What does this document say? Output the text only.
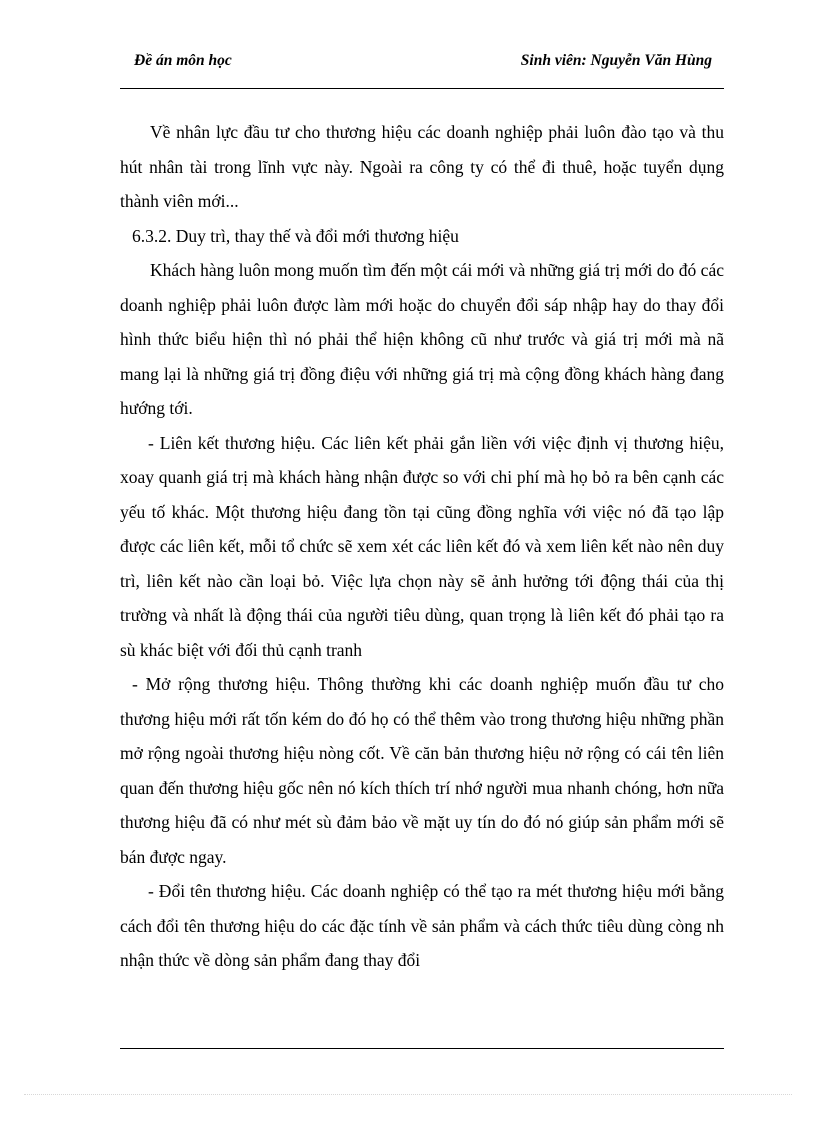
Đề án môn học	Sinh viên: Nguyễn Văn Hùng

Về nhân lực đầu tư cho thương hiệu các doanh nghiệp phải luôn đào tạo và thu hút nhân tài trong lĩnh vực này. Ngoài ra công ty có thể đi thuê, hoặc tuyển dụng thành viên mới...

6.3.2. Duy trì, thay thế và đổi mới thương hiệu

Khách hàng luôn mong muốn tìm đến một cái mới và những giá trị mới do đó các doanh nghiệp phải luôn được làm mới hoặc do chuyển đổi sáp nhập hay do thay đổi hình thức biểu hiện thì nó phải thể hiện không cũ như trước và giá trị mới mà nã mang lại là những giá trị đồng điệu với những giá trị mà cộng đồng khách hàng đang hướng tới.

- Liên kết thương hiệu. Các liên kết phải gắn liền với việc định vị thương hiệu, xoay quanh giá trị mà khách hàng nhận được so với chi phí mà họ bỏ ra bên cạnh các yếu tố khác. Một thương hiệu đang tồn tại cũng đồng nghĩa với việc nó đã tạo lập được các liên kết, mỗi tổ chức sẽ xem xét các liên kết đó và xem liên kết nào nên duy trì, liên kết nào cần loại bỏ. Việc lựa chọn này sẽ ảnh hưởng tới động thái của thị trường và nhất là động thái của người tiêu dùng, quan trọng là liên kết đó phải tạo ra sù khác biệt với đối thủ cạnh tranh

- Mở rộng thương hiệu. Thông thường khi các doanh nghiệp muốn đầu tư cho thương hiệu mới rất tốn kém do đó họ có thể thêm vào trong thương hiệu những phần mở rộng ngoài thương hiệu nòng cốt. Về căn bản thương hiệu nở rộng có cái tên liên quan đến thương hiệu gốc nên nó kích thích trí nhớ người mua nhanh chóng, hơn nữa thương hiệu đã có như mét sù đảm bảo về mặt uy tín do đó nó giúp sản phẩm mới sẽ bán được ngay.

- Đổi tên thương hiệu. Các doanh nghiệp có thể tạo ra mét thương hiệu mới bằng cách đổi tên thương hiệu do các đặc tính về sản phẩm và cách thức tiêu dùng còng nh nhận thức về dòng sản phẩm đang thay đổi
